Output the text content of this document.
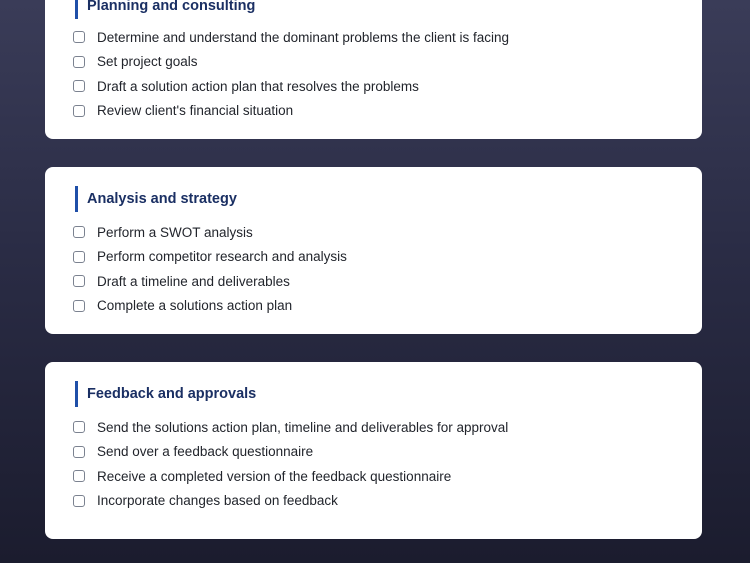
Planning and consulting
Determine and understand the dominant problems the client is facing
Set project goals
Draft a solution action plan that resolves the problems
Review client's financial situation
Analysis and strategy
Perform a SWOT analysis
Perform competitor research and analysis
Draft a timeline and deliverables
Complete a solutions action plan
Feedback and approvals
Send the solutions action plan, timeline and deliverables for approval
Send over a feedback questionnaire
Receive a completed version of the feedback questionnaire
Incorporate changes based on feedback
